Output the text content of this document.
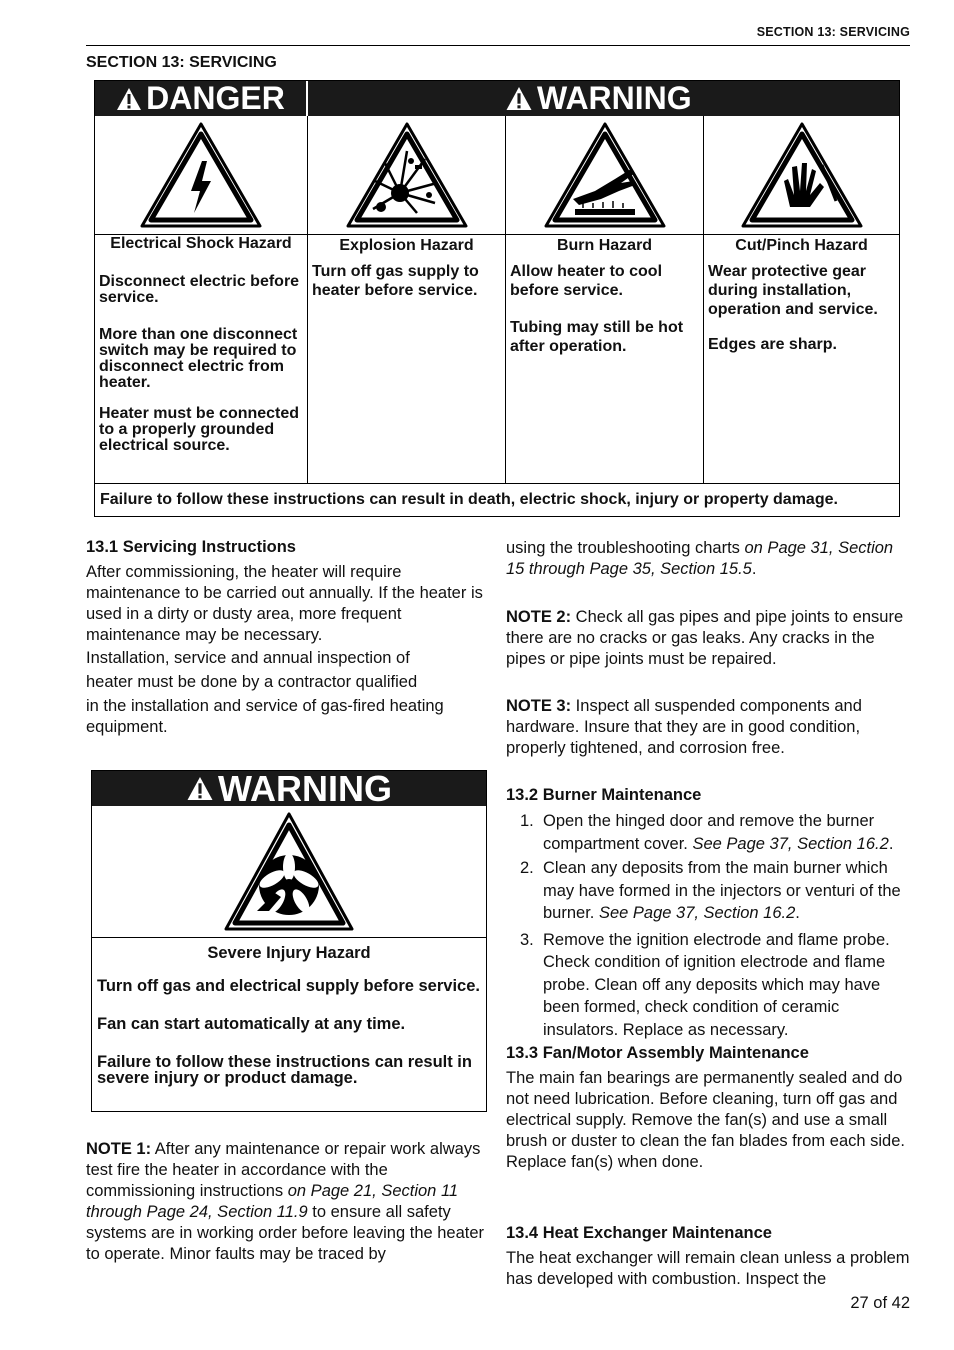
SECTION 13: SERVICING
SECTION 13: SERVICING
DANGER	WARNING
Electrical Shock Hazard
Disconnect electric before service.
More than one disconnect switch may be required to disconnect electric from heater.
Heater must be connected to a properly grounded electrical source.
Explosion Hazard
Turn off gas supply to heater before service.
Burn Hazard
Allow heater to cool before service.
Tubing may still be hot after operation.
Cut/Pinch Hazard
Wear protective gear during installation, operation and service.
Edges are sharp.
Failure to follow these instructions can result in death, electric shock, injury or property damage.
13.1 Servicing Instructions
After commissioning, the heater will require maintenance to be carried out annually. If the heater is used in a dirty or dusty area, more frequent maintenance may be necessary.
Installation, service and annual inspection of
heater must be done by a contractor qualified
in the installation and service of gas-fired heating equipment.
WARNING
Severe Injury Hazard
Turn off gas and electrical supply before service.
Fan can start automatically at any time.
Failure to follow these instructions can result in severe injury or product damage.
NOTE 1: After any maintenance or repair work always test fire the heater in accordance with the commissioning instructions on Page 21, Section 11 through Page 24, Section 11.9 to ensure all safety systems are in working order before leaving the heater to operate. Minor faults may be traced by
using the troubleshooting charts on Page 31, Section 15 through Page 35, Section 15.5.
NOTE 2: Check all gas pipes and pipe joints to ensure there are no cracks or gas leaks. Any cracks in the pipes or pipe joints must be repaired.
NOTE 3: Inspect all suspended components and hardware. Insure that they are in good condition, properly tightened, and corrosion free.
13.2 Burner Maintenance
1. Open the hinged door and remove the burner compartment cover. See Page 37, Section 16.2.
2. Clean any deposits from the main burner which may have formed in the injectors or venturi of the burner. See Page 37, Section 16.2.
3. Remove the ignition electrode and flame probe. Check condition of ignition electrode and flame probe. Clean off any deposits which may have been formed, check condition of ceramic insulators. Replace as necessary.
13.3 Fan/Motor Assembly Maintenance
The main fan bearings are permanently sealed and do not need lubrication. Before cleaning, turn off gas and electrical supply. Remove the fan(s) and use a small brush or duster to clean the fan blades from each side. Replace fan(s) when done.
13.4 Heat Exchanger Maintenance
The heat exchanger will remain clean unless a problem has developed with combustion. Inspect the
27 of 42
